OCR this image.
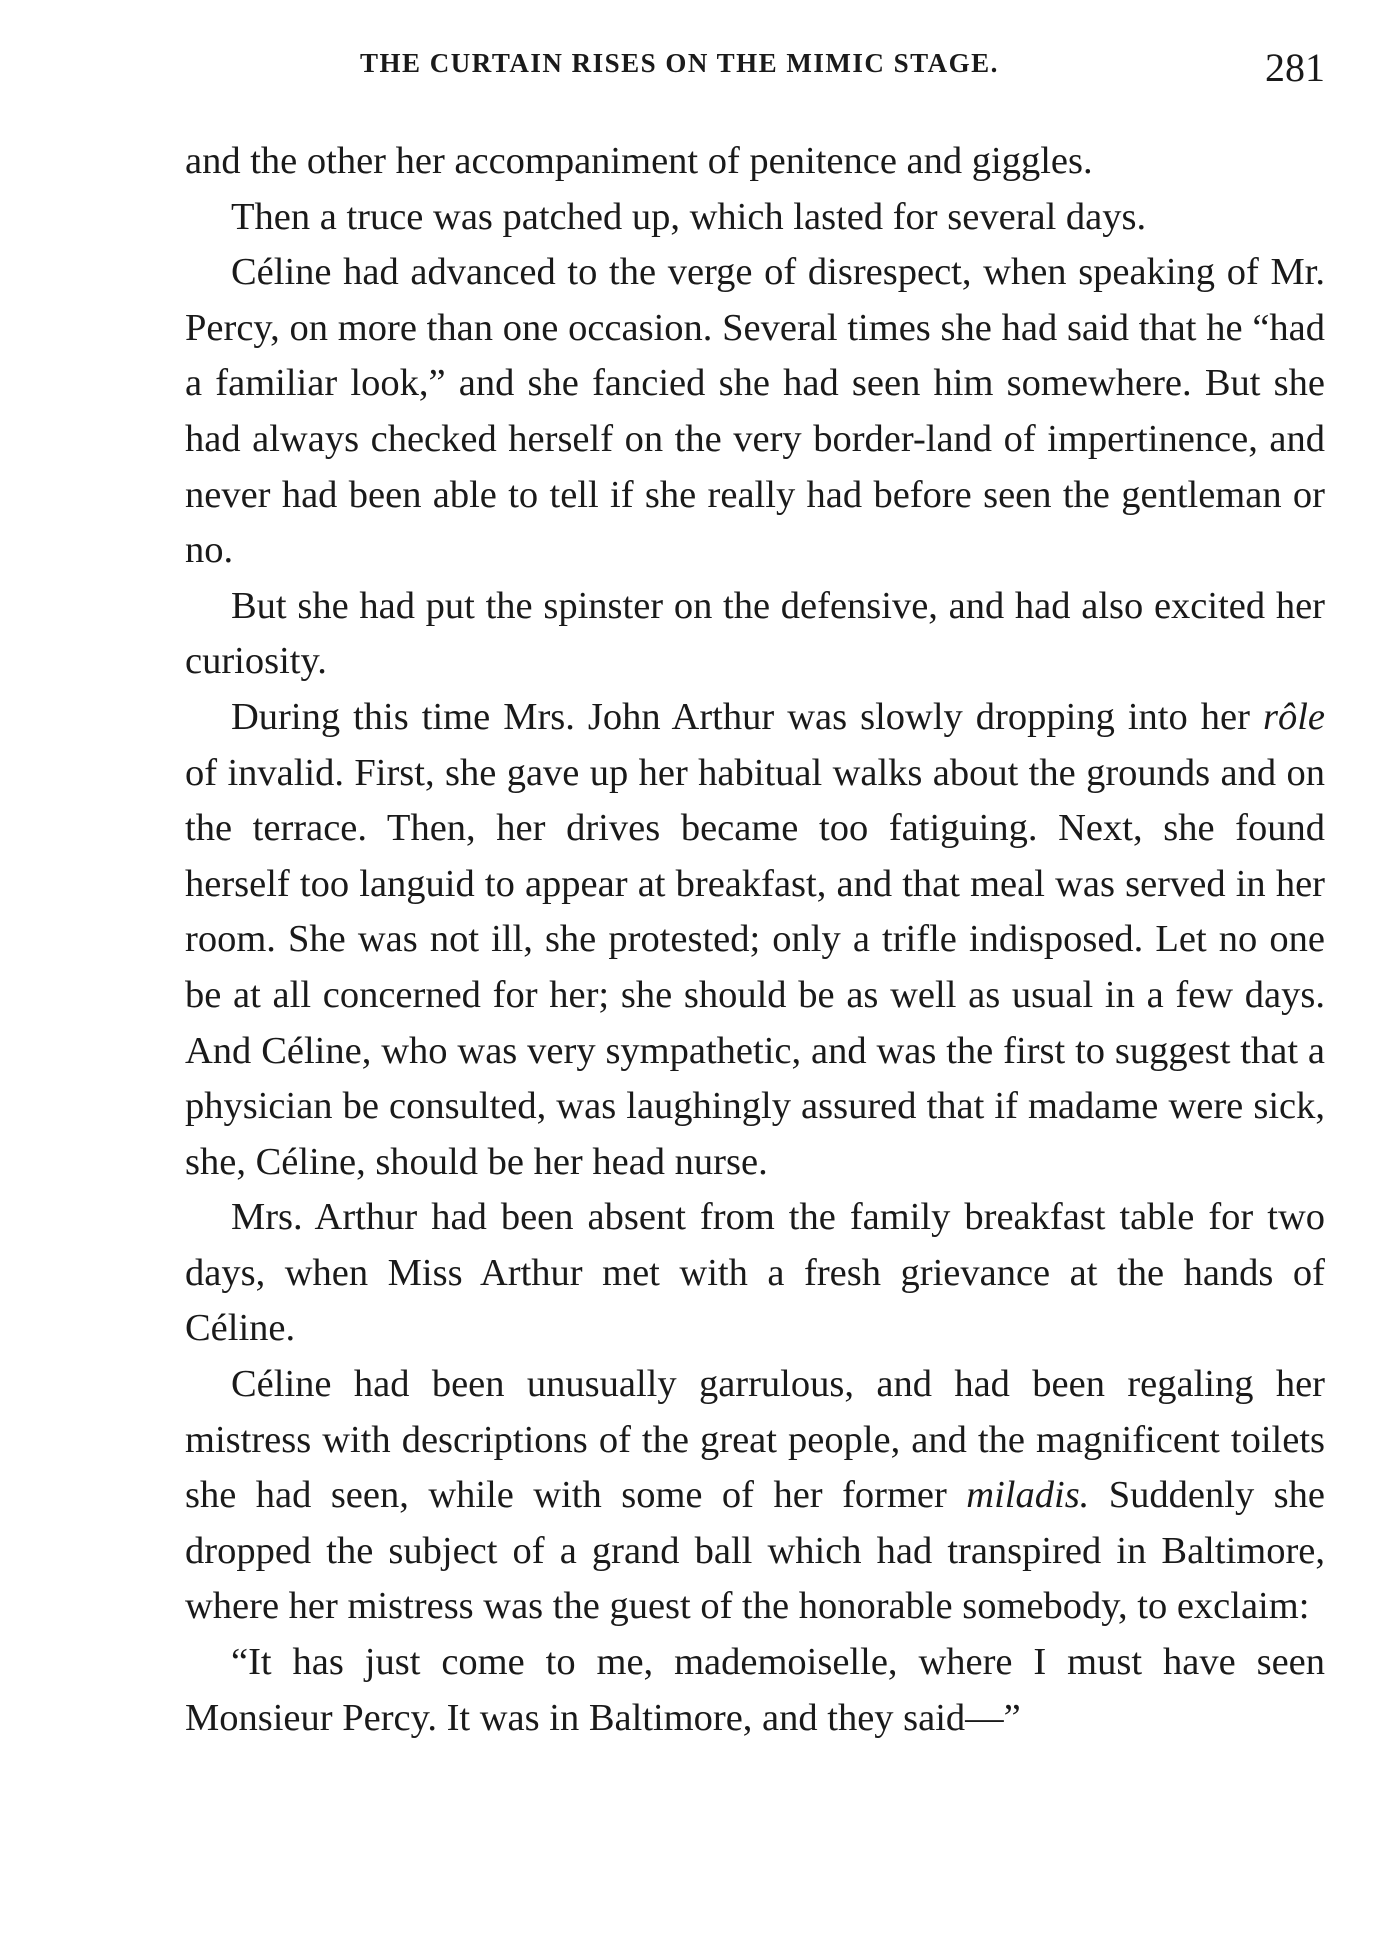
THE CURTAIN RISES ON THE MIMIC STAGE.	281

and the other her accompaniment of penitence and giggles.

Then a truce was patched up, which lasted for several days.

Céline had advanced to the verge of disrespect, when speaking of Mr. Percy, on more than one occasion. Several times she had said that he “had a familiar look,” and she fancied she had seen him somewhere. But she had always checked herself on the very border-land of impertinence, and never had been able to tell if she really had before seen the gentleman or no.

But she had put the spinster on the defensive, and had also excited her curiosity.

During this time Mrs. John Arthur was slowly dropping into her rôle of invalid. First, she gave up her habitual walks about the grounds and on the terrace. Then, her drives became too fatiguing. Next, she found herself too languid to appear at breakfast, and that meal was served in her room. She was not ill, she protested; only a trifle indisposed. Let no one be at all concerned for her; she should be as well as usual in a few days. And Céline, who was very sympathetic, and was the first to suggest that a physician be consulted, was laughingly assured that if madame were sick, she, Céline, should be her head nurse.

Mrs. Arthur had been absent from the family breakfast table for two days, when Miss Arthur met with a fresh grievance at the hands of Céline.

Céline had been unusually garrulous, and had been regaling her mistress with descriptions of the great people, and the magnificent toilets she had seen, while with some of her former miladis. Suddenly she dropped the subject of a grand ball which had transpired in Baltimore, where her mistress was the guest of the honorable somebody, to exclaim:

“It has just come to me, mademoiselle, where I must have seen Monsieur Percy. It was in Baltimore, and they said—”
